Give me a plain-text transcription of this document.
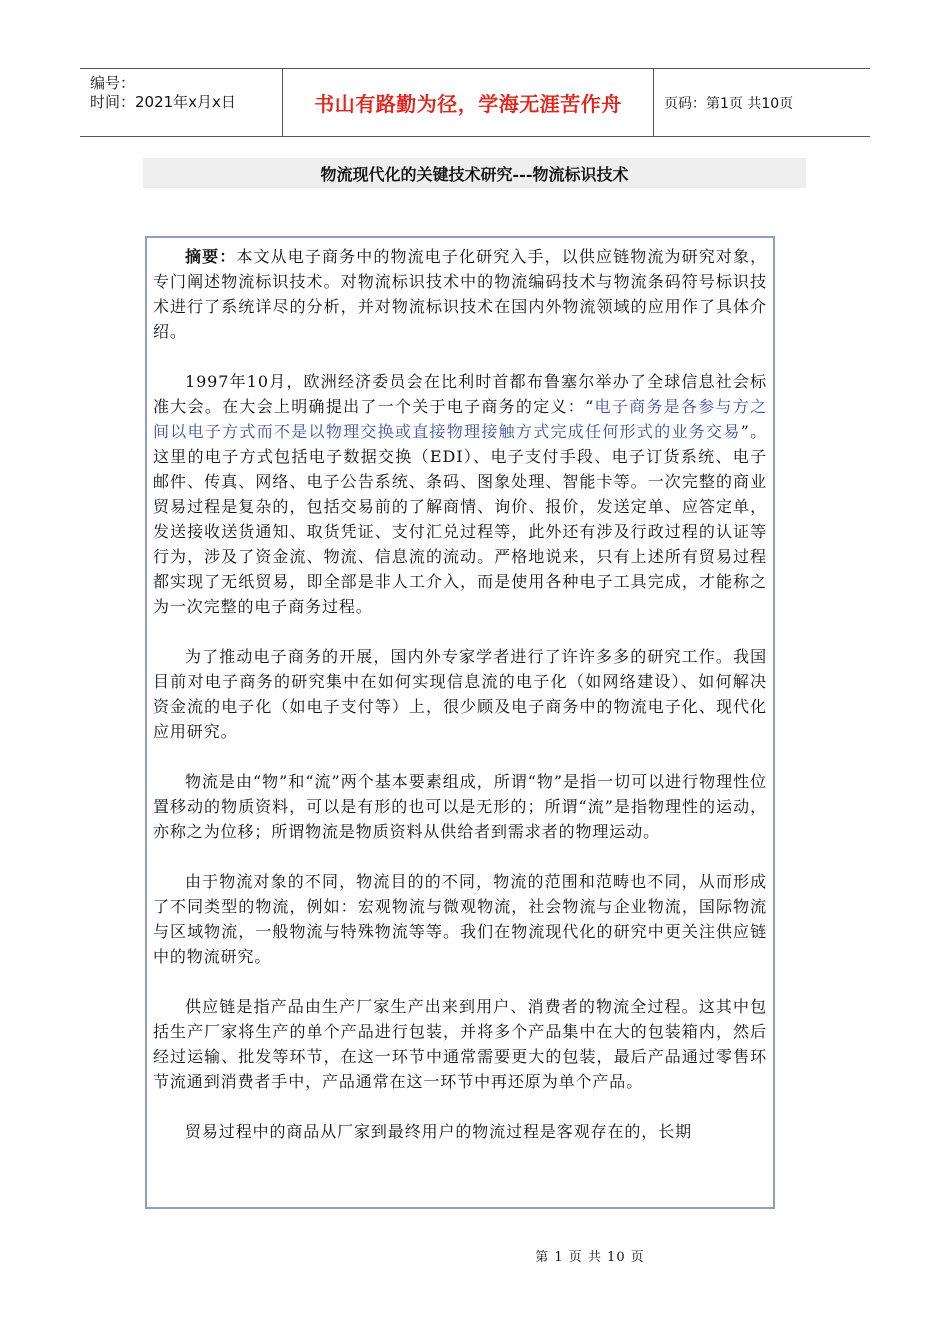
编号：
时间：2021年x月x日	书山有路勤为径，学海无涯苦作舟	页码：第1页 共10页
物流现代化的关键技术研究---物流标识技术

摘要：本文从电子商务中的物流电子化研究入手，以供应链物流为研究对象，专门阐述物流标识技术。对物流标识技术中的物流编码技术与物流条码符号标识技术进行了系统详尽的分析，并对物流标识技术在国内外物流领域的应用作了具体介绍。

1997年10月，欧洲经济委员会在比利时首都布鲁塞尔举办了全球信息社会标准大会。在大会上明确提出了一个关于电子商务的定义：“电子商务是各参与方之间以电子方式而不是以物理交换或直接物理接触方式完成任何形式的业务交易”。这里的电子方式包括电子数据交换（EDI）、电子支付手段、电子订货系统、电子邮件、传真、网络、电子公告系统、条码、图象处理、智能卡等。一次完整的商业贸易过程是复杂的，包括交易前的了解商情、询价、报价，发送定单、应答定单，发送接收送货通知、取货凭证、支付汇兑过程等，此外还有涉及行政过程的认证等行为，涉及了资金流、物流、信息流的流动。严格地说来，只有上述所有贸易过程都实现了无纸贸易，即全部是非人工介入，而是使用各种电子工具完成，才能称之为一次完整的电子商务过程。

为了推动电子商务的开展，国内外专家学者进行了许许多多的研究工作。我国目前对电子商务的研究集中在如何实现信息流的电子化（如网络建设）、如何解决资金流的电子化（如电子支付等）上，很少顾及电子商务中的物流电子化、现代化应用研究。

物流是由“物”和“流”两个基本要素组成，所谓“物”是指一切可以进行物理性位置移动的物质资料，可以是有形的也可以是无形的；所谓“流”是指物理性的运动，亦称之为位移；所谓物流是物质资料从供给者到需求者的物理运动。

由于物流对象的不同，物流目的的不同，物流的范围和范畴也不同，从而形成了不同类型的物流，例如：宏观物流与微观物流，社会物流与企业物流，国际物流与区域物流，一般物流与特殊物流等等。我们在物流现代化的研究中更关注供应链中的物流研究。

供应链是指产品由生产厂家生产出来到用户、消费者的物流全过程。这其中包括生产厂家将生产的单个产品进行包装，并将多个产品集中在大的包装箱内，然后经过运输、批发等环节，在这一环节中通常需要更大的包装，最后产品通过零售环节流通到消费者手中，产品通常在这一环节中再还原为单个产品。

贸易过程中的商品从厂家到最终用户的物流过程是客观存在的，长期

第 1 页 共 10 页
